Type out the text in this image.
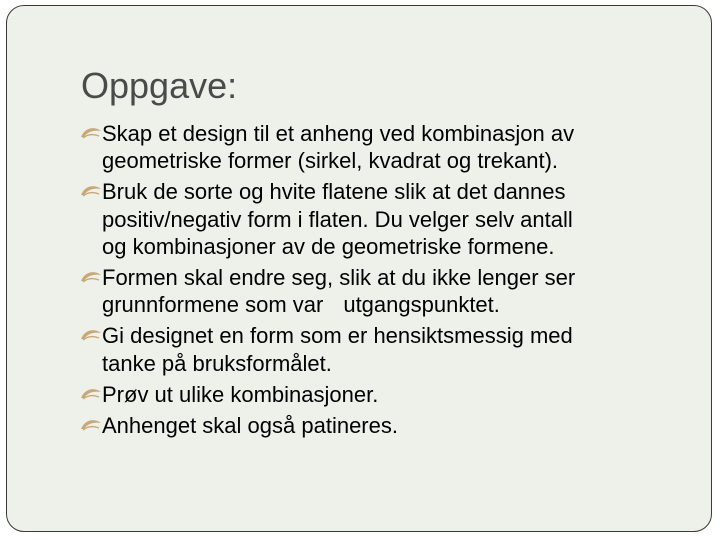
Oppgave:
Skap et design til et anheng ved kombinasjon av
geometriske former (sirkel, kvadrat og trekant).
Bruk de sorte og hvite flatene slik at det dannes
positiv/negativ form i flaten. Du velger selv antall
og kombinasjoner av de geometriske formene.
Formen skal endre seg, slik at du ikke lenger ser
grunnformene som var utgangspunktet.
Gi designet en form som er hensiktsmessig med
tanke på bruksformålet.
Prøv ut ulike kombinasjoner.
Anhenget skal også patineres.
